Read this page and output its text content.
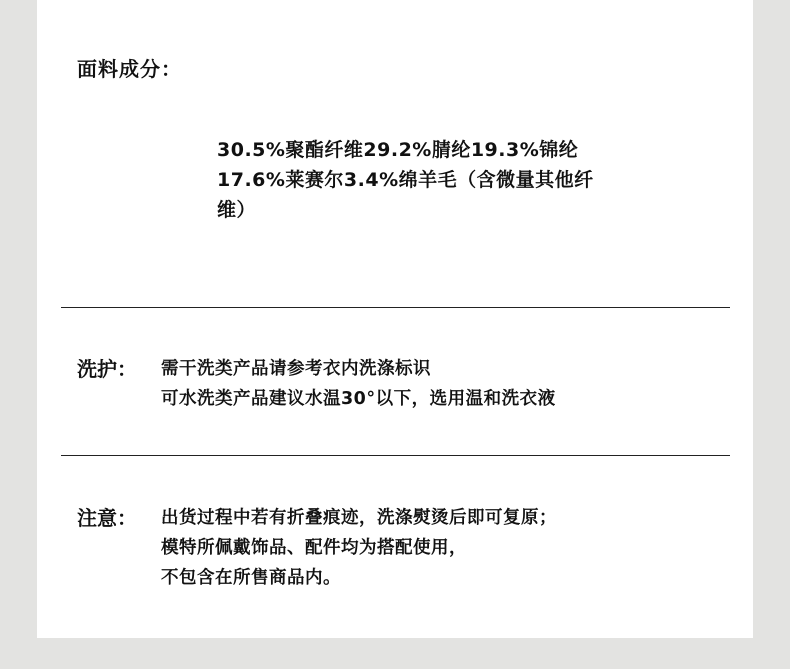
面料成分：
30.5%聚酯纤维29.2%腈纶19.3%锦纶
17.6%莱赛尔3.4%绵羊毛（含微量其他纤
维）
洗护： 需干洗类产品请参考衣内洗涤标识
可水洗类产品建议水温30°以下，选用温和洗衣液
注意： 出货过程中若有折叠痕迹，洗涤熨烫后即可复原；
模特所佩戴饰品、配件均为搭配使用，
不包含在所售商品内。
